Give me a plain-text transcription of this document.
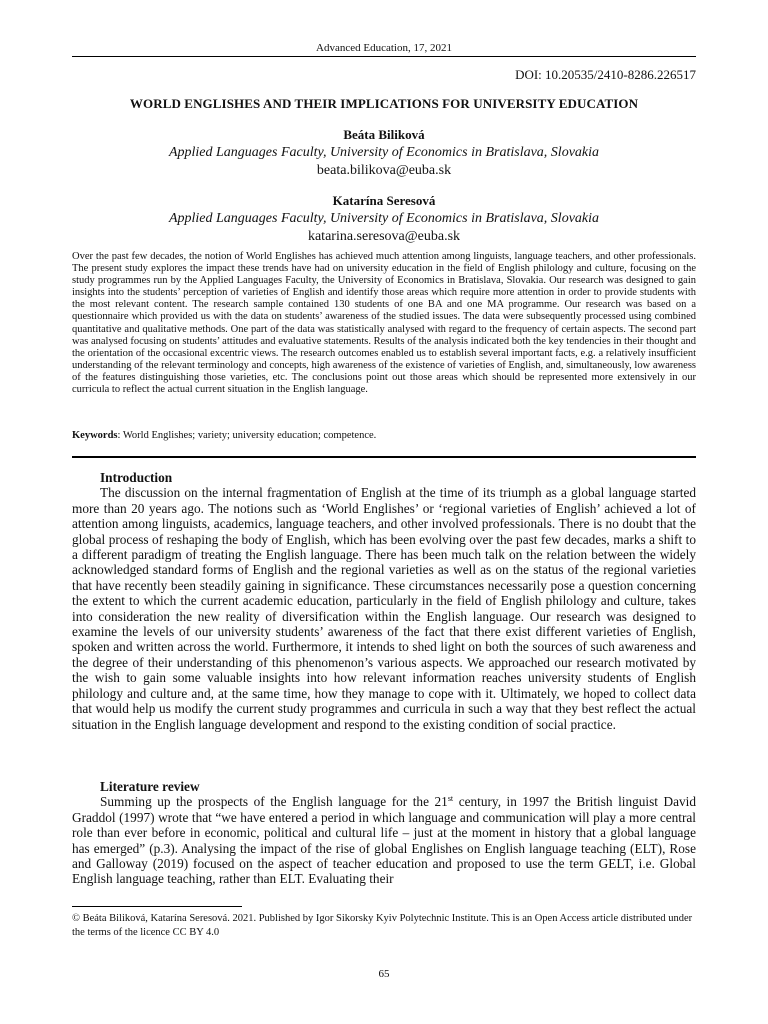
Advanced Education, 17, 2021
DOI: 10.20535/2410-8286.226517
WORLD ENGLISHES AND THEIR IMPLICATIONS FOR UNIVERSITY EDUCATION
Beáta Biliková
Applied Languages Faculty, University of Economics in Bratislava, Slovakia
beata.bilikova@euba.sk
Katarína Seresová
Applied Languages Faculty, University of Economics in Bratislava, Slovakia
katarina.seresova@euba.sk
Over the past few decades, the notion of World Englishes has achieved much attention among linguists, language teachers, and other professionals. The present study explores the impact these trends have had on university education in the field of English philology and culture, focusing on the study programmes run by the Applied Languages Faculty, the University of Economics in Bratislava, Slovakia. Our research was designed to gain insights into the students’ perception of varieties of English and identify those areas which require more attention in order to provide students with the most relevant content. The research sample contained 130 students of one BA and one MA programme. Our research was based on a questionnaire which provided us with the data on students’ awareness of the studied issues. The data were subsequently processed using combined quantitative and qualitative methods. One part of the data was statistically analysed with regard to the frequency of certain aspects. The second part was analysed focusing on students’ attitudes and evaluative statements. Results of the analysis indicated both the key tendencies in their thought and the orientation of the occasional excentric views. The research outcomes enabled us to establish several important facts, e.g. a relatively insufficient understanding of the relevant terminology and concepts, high awareness of the existence of varieties of English, and, simultaneously, low awareness of the features distinguishing those varieties, etc. The conclusions point out those areas which should be represented more extensively in our curricula to reflect the actual current situation in the English language.
Keywords: World Englishes; variety; university education; competence.
Introduction

The discussion on the internal fragmentation of English at the time of its triumph as a global language started more than 20 years ago. The notions such as ‘World Englishes’ or ‘regional varieties of English’ achieved a lot of attention among linguists, academics, language teachers, and other involved professionals. There is no doubt that the global process of reshaping the body of English, which has been evolving over the past few decades, marks a shift to a different paradigm of treating the English language. There has been much talk on the relation between the widely acknowledged standard forms of English and the regional varieties as well as on the status of the regional varieties that have recently been steadily gaining in significance. These circumstances necessarily pose a question concerning the extent to which the current academic education, particularly in the field of English philology and culture, takes into consideration the new reality of diversification within the English language. Our research was designed to examine the levels of our university students’ awareness of the fact that there exist different varieties of English, spoken and written across the world. Furthermore, it intends to shed light on both the sources of such awareness and the degree of their understanding of this phenomenon’s various aspects. We approached our research motivated by the wish to gain some valuable insights into how relevant information reaches university students of English philology and culture and, at the same time, how they manage to cope with it. Ultimately, we hoped to collect data that would help us modify the current study programmes and curricula in such a way that they best reflect the actual situation in the English language development and respond to the existing condition of social practice.

Literature review

Summing up the prospects of the English language for the 21st century, in 1997 the British linguist David Graddol (1997) wrote that “we have entered a period in which language and communication will play a more central role than ever before in economic, political and cultural life – just at the moment in history that a global language has emerged” (p.3). Analysing the impact of the rise of global Englishes on English language teaching (ELT), Rose and Galloway (2019) focused on the aspect of teacher education and proposed to use the term GELT, i.e. Global English language teaching, rather than ELT. Evaluating their

© Beáta Biliková, Katarína Seresová. 2021. Published by Igor Sikorsky Kyiv Polytechnic Institute. This is an Open Access article distributed under the terms of the licence CC BY 4.0
65
